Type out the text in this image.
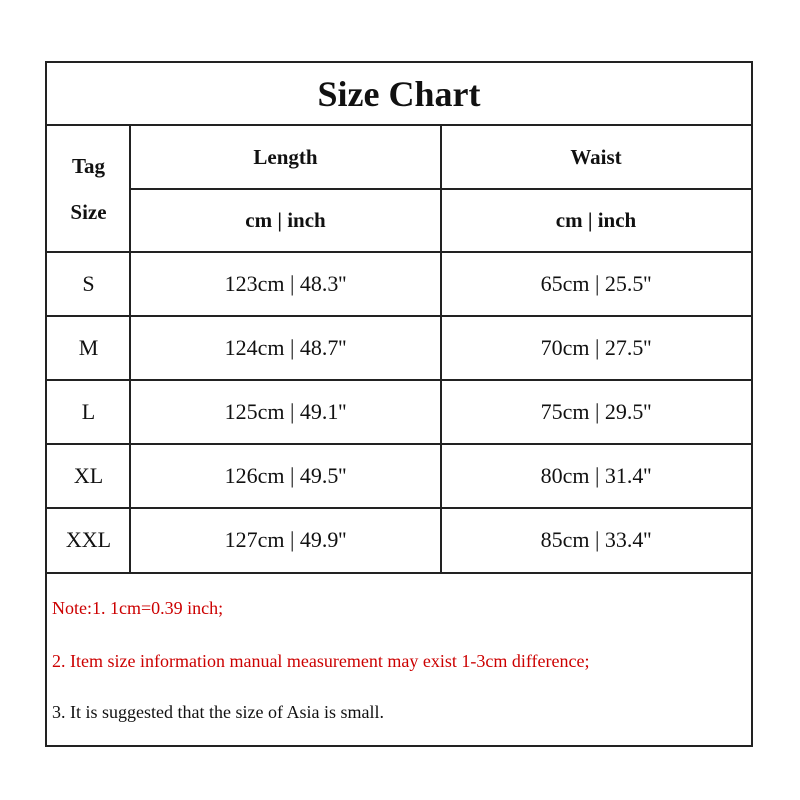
Size Chart
Tag
Size
Length	Waist
cm | inch	cm | inch
S	123cm | 48.3''	65cm | 25.5''
M	124cm | 48.7''	70cm | 27.5''
L	125cm | 49.1''	75cm | 29.5''
XL	126cm | 49.5''	80cm | 31.4''
XXL	127cm | 49.9''	85cm | 33.4''
Note:1. 1cm=0.39 inch;
2. Item size information manual measurement may exist 1-3cm difference;
3. It is suggested that the size of Asia is small.
